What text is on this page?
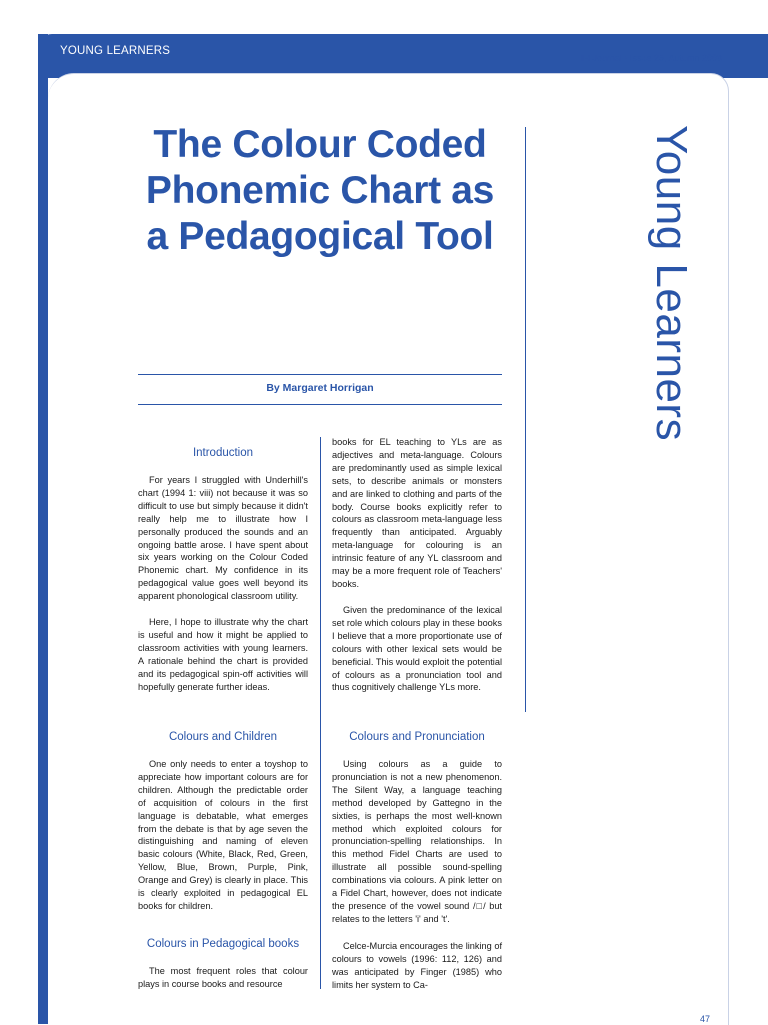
YOUNG LEARNERS
IH Journal • Issue 25, Autumn 2008
The Colour Coded Phonemic Chart as a Pedagogical Tool	Young Learners
By Margaret Horrigan
Introduction

For years I struggled with Underhill's chart (1994 1: viii) not because it was so difficult to use but simply because it didn't really help me to illustrate how I personally produced the sounds and an ongoing battle arose. I have spent about six years working on the Colour Coded Phonemic chart. My confidence in its pedagogical value goes well beyond its apparent phonological classroom utility.

Here, I hope to illustrate why the chart is useful and how it might be applied to classroom activities with young learners. A rationale behind the chart is provided and its pedagogical spin-off activities will hopefully generate further ideas.

Colours and Children

One only needs to enter a toyshop to appreciate how important colours are for children. Although the predictable order of acquisition of colours in the first language is debatable, what emerges from the debate is that by age seven the distinguishing and naming of eleven basic colours (White, Black, Red, Green, Yellow, Blue, Brown, Purple, Pink, Orange and Grey) is clearly in place. This is clearly exploited in pedagogical EL books for children.

Colours in Pedagogical books

The most frequent roles that colour plays in course books and resource

books for EL teaching to YLs are as adjectives and meta-language. Colours are predominantly used as simple lexical sets, to describe animals or monsters and are linked to clothing and parts of the body. Course books explicitly refer to colours as classroom meta-language less frequently than anticipated. Arguably meta-language for colouring is an intrinsic feature of any YL classroom and may be a more frequent role of Teachers' books.

Given the predominance of the lexical set role which colours play in these books I believe that a more proportionate use of colours with other lexical sets would be beneficial. This would exploit the potential of colours as a pronunciation tool and thus cognitively challenge YLs more.

Colours and Pronunciation

Using colours as a guide to pronunciation is not a new phenomenon. The Silent Way, a language teaching method developed by Gattegno in the sixties, is perhaps the most well-known method which exploited colours for pronunciation-spelling relationships. In this method Fidel Charts are used to illustrate all possible sound-spelling combinations via colours. A pink letter on a Fidel Chart, however, does not indicate the presence of the vowel sound /□/ but relates to the letters 'i' and 't'.

Celce-Murcia encourages the linking of colours to vowels (1996: 112, 126) and was anticipated by Finger (1985) who limits her system to Ca-

47
